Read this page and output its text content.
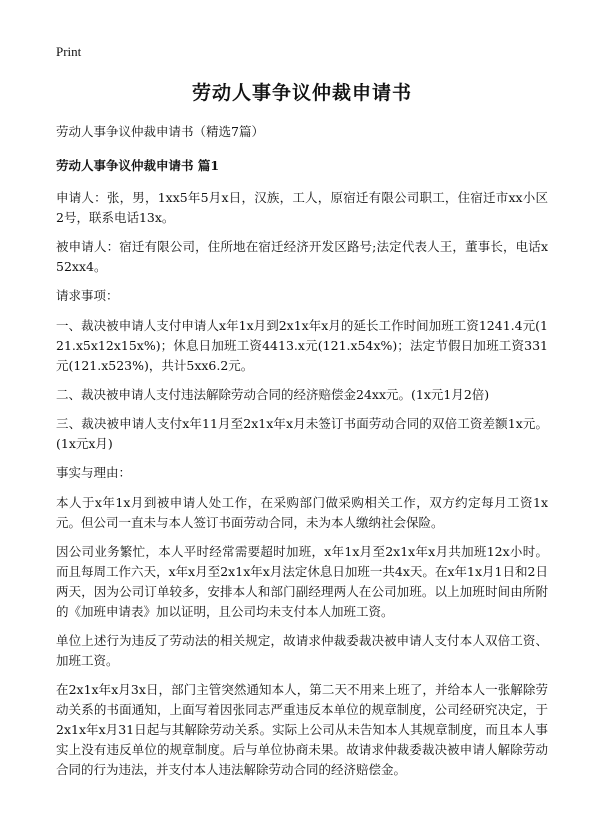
Print
劳动人事争议仲裁申请书
劳动人事争议仲裁申请书（精选7篇）
劳动人事争议仲裁申请书 篇1
申请人：张，男，1xx5年5月x日，汉族，工人，原宿迁有限公司职工，住宿迁市xx小区2号，联系电话13x。
被申请人：宿迁有限公司，住所地在宿迁经济开发区路号;法定代表人王，董事长，电话x52xx4。
请求事项：
一、裁决被申请人支付申请人x年1x月到2x1x年x月的延长工作时间加班工资1241.4元(121.x5x12x15x%)；休息日加班工资4413.x元(121.x54x%)；法定节假日加班工资331元(121.x523%)，共计5xx6.2元。
二、裁决被申请人支付违法解除劳动合同的经济赔偿金24xx元。(1x元1月2倍)
三、裁决被申请人支付x年11月至2x1x年x月未签订书面劳动合同的双倍工资差额1x元。(1x元x月)
事实与理由：
本人于x年1x月到被申请人处工作，在采购部门做采购相关工作，双方约定每月工资1x元。但公司一直未与本人签订书面劳动合同，未为本人缴纳社会保险。
因公司业务繁忙，本人平时经常需要超时加班，x年1x月至2x1x年x月共加班12x小时。而且每周工作六天，x年x月至2x1x年x月法定休息日加班一共4x天。在x年1x月1日和2日两天，因为公司订单较多，安排本人和部门副经理两人在公司加班。以上加班时间由所附的《加班申请表》加以证明，且公司均未支付本人加班工资。
单位上述行为违反了劳动法的相关规定，故请求仲裁委裁决被申请人支付本人双倍工资、加班工资。
在2x1x年x月3x日，部门主管突然通知本人，第二天不用来上班了，并给本人一张解除劳动关系的书面通知，上面写着因张同志严重违反本单位的规章制度，公司经研究决定，于2x1x年x月31日起与其解除劳动关系。实际上公司从未告知本人其规章制度，而且本人事实上没有违反单位的规章制度。后与单位协商未果。故请求仲裁委裁决被申请人解除劳动合同的行为违法，并支付本人违法解除劳动合同的经济赔偿金。
